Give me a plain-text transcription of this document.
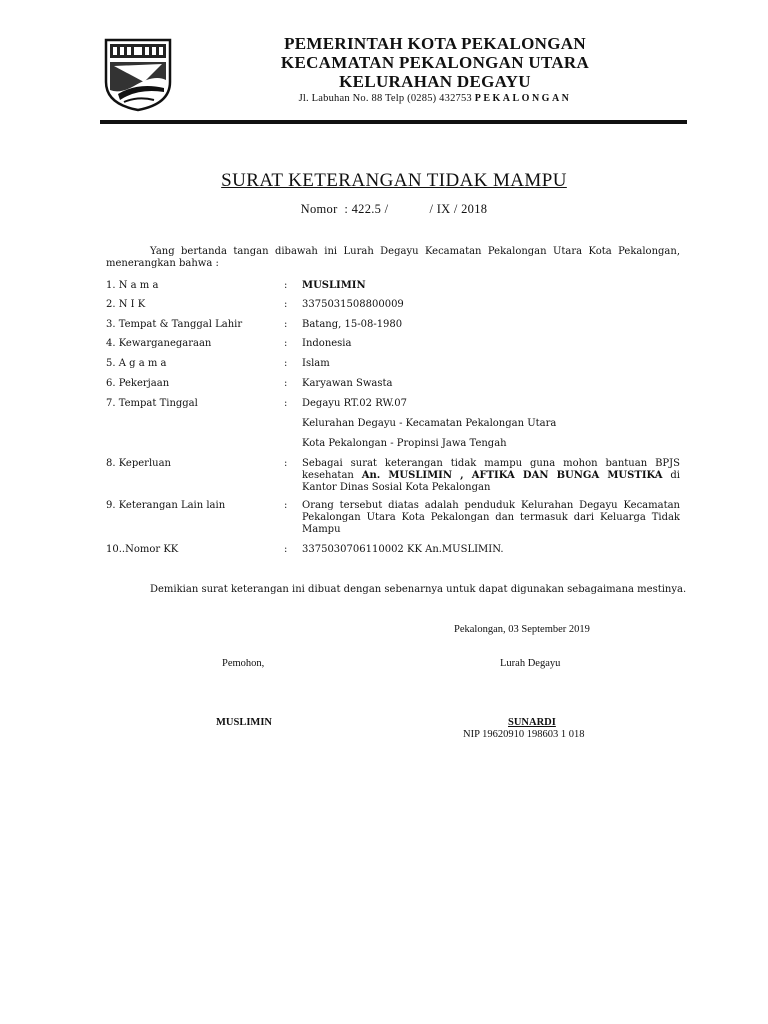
PEMERINTAH KOTA PEKALONGAN
KECAMATAN PEKALONGAN UTARA
KELURAHAN DEGAYU
Jl. Labuhan No. 88 Telp (0285) 432753 PEKALONGAN
SURAT KETERANGAN TIDAK MAMPU
Nomor  : 422.5 /            / IX / 2018
Yang bertanda tangan dibawah ini Lurah Degayu Kecamatan Pekalongan Utara Kota Pekalongan, menerangkan bahwa :
1. N a m a	: MUSLIMIN
2. N I K	: 3375031508800009
3. Tempat & Tanggal Lahir	: Batang, 15-08-1980
4. Kewarganegaraan	: Indonesia
5. A g a m a	: Islam
6. Pekerjaan	: Karyawan Swasta
7. Tempat Tinggal	: Degayu RT.02 RW.07
Kelurahan Degayu - Kecamatan Pekalongan Utara
Kota Pekalongan - Propinsi Jawa Tengah
8. Keperluan	: Sebagai surat keterangan tidak mampu guna mohon bantuan BPJS kesehatan An. MUSLIMIN , AFTIKA DAN BUNGA MUSTIKA di Kantor Dinas Sosial Kota Pekalongan
9. Keterangan Lain lain	: Orang tersebut diatas adalah penduduk Kelurahan Degayu Kecamatan Pekalongan Utara Kota Pekalongan dan termasuk dari Keluarga Tidak Mampu
10..Nomor KK	: 3375030706110002 KK An.MUSLIMIN.
Demikian surat keterangan ini dibuat dengan sebenarnya untuk dapat digunakan sebagaimana mestinya.
Pekalongan, 03 September 2019
Pemohon,	Lurah Degayu
MUSLIMIN	SUNARDI
NIP 19620910 198603 1 018
